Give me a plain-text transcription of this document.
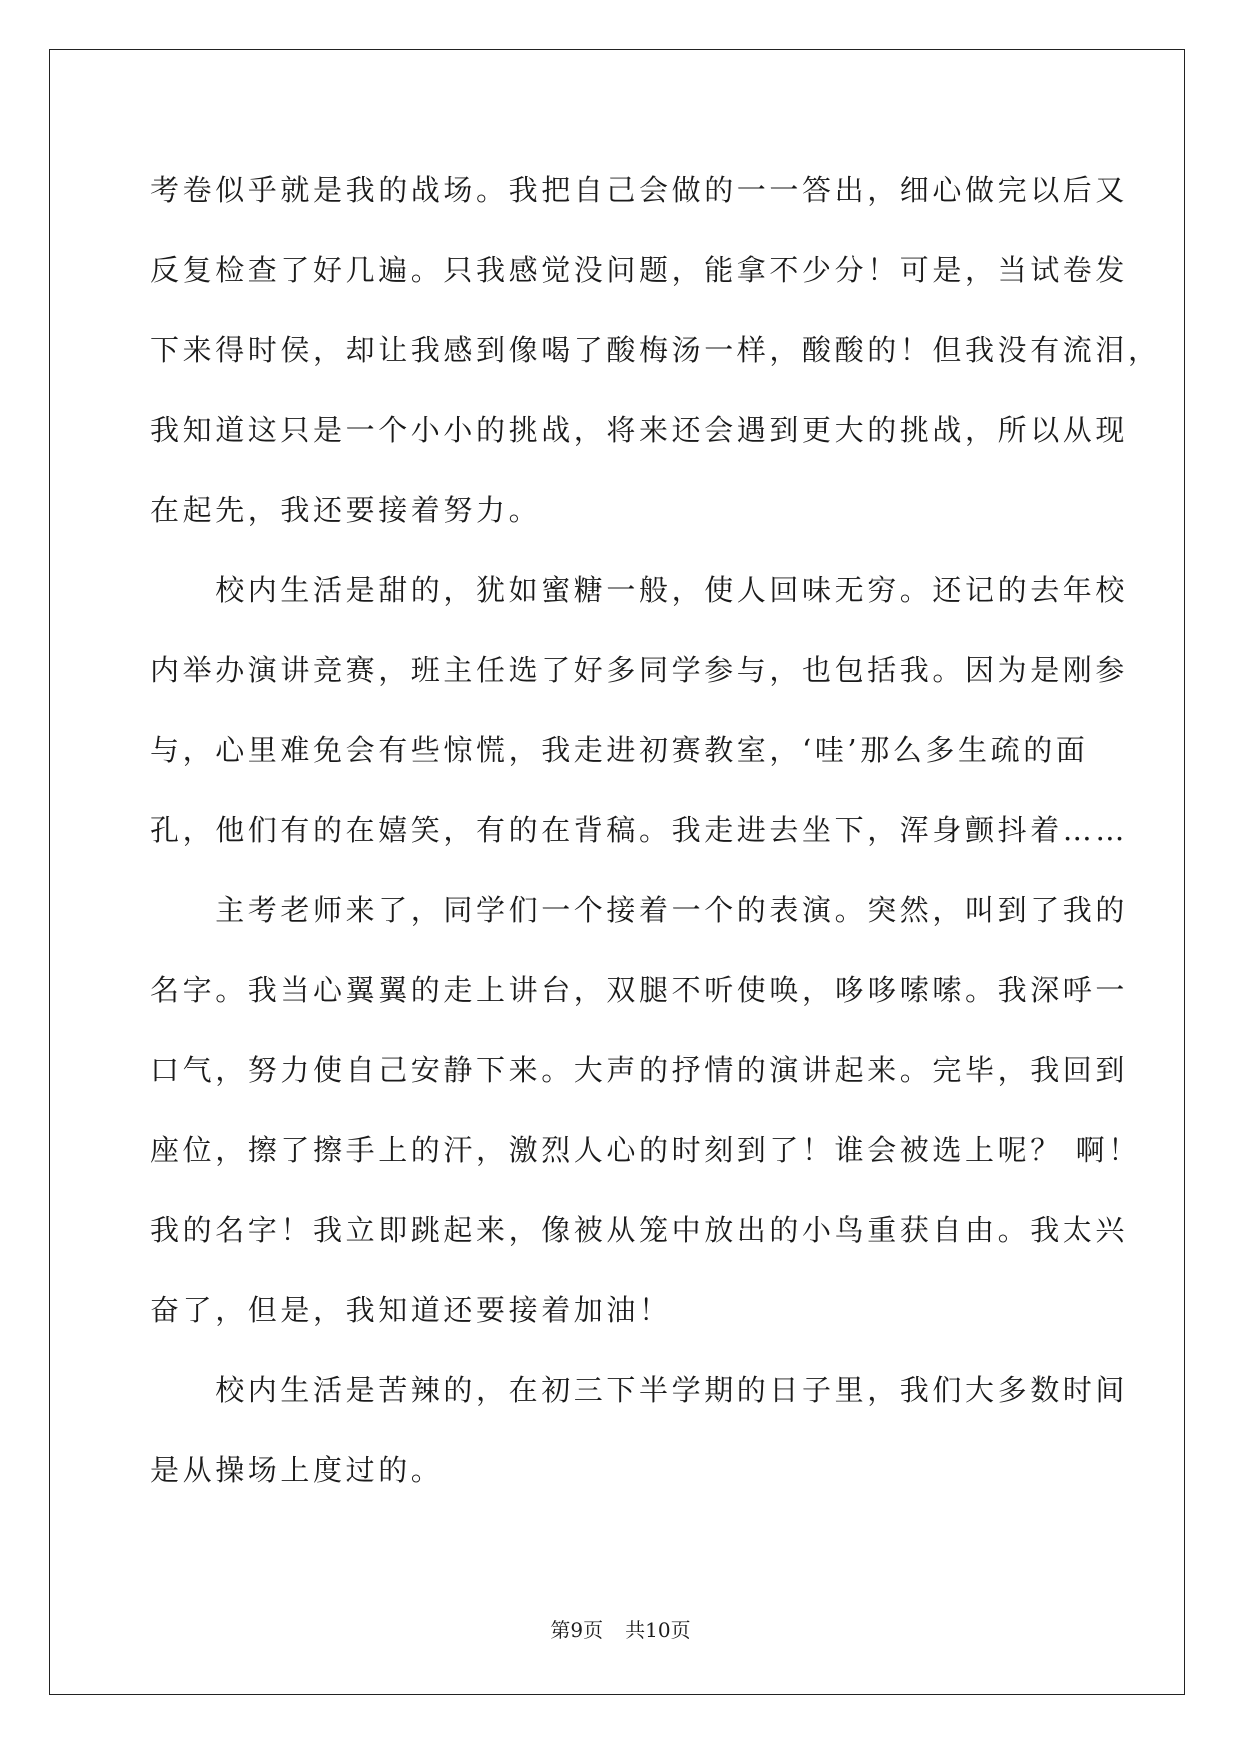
考卷似乎就是我的战场。我把自己会做的一一答出，细心做完以后又
反复检查了好几遍。只我感觉没问题，能拿不少分！可是，当试卷发
下来得时侯，却让我感到像喝了酸梅汤一样，酸酸的！但我没有流泪，
我知道这只是一个小小的挑战，将来还会遇到更大的挑战，所以从现
在起先，我还要接着努力。
　　校内生活是甜的，犹如蜜糖一般，使人回味无穷。还记的去年校
内举办演讲竞赛，班主任选了好多同学参与，也包括我。因为是刚参
与，心里难免会有些惊慌，我走进初赛教室，‘哇’那么多生疏的面
孔，他们有的在嬉笑，有的在背稿。我走进去坐下，浑身颤抖着……
　　主考老师来了，同学们一个接着一个的表演。突然，叫到了我的
名字。我当心翼翼的走上讲台，双腿不听使唤，哆哆嗦嗦。我深呼一
口气，努力使自己安静下来。大声的抒情的演讲起来。完毕，我回到
座位，擦了擦手上的汗，激烈人心的时刻到了！谁会被选上呢？ 啊！
我的名字！我立即跳起来，像被从笼中放出的小鸟重获自由。我太兴
奋了，但是，我知道还要接着加油！
　　校内生活是苦辣的，在初三下半学期的日子里，我们大多数时间
是从操场上度过的。
第9页 共10页
